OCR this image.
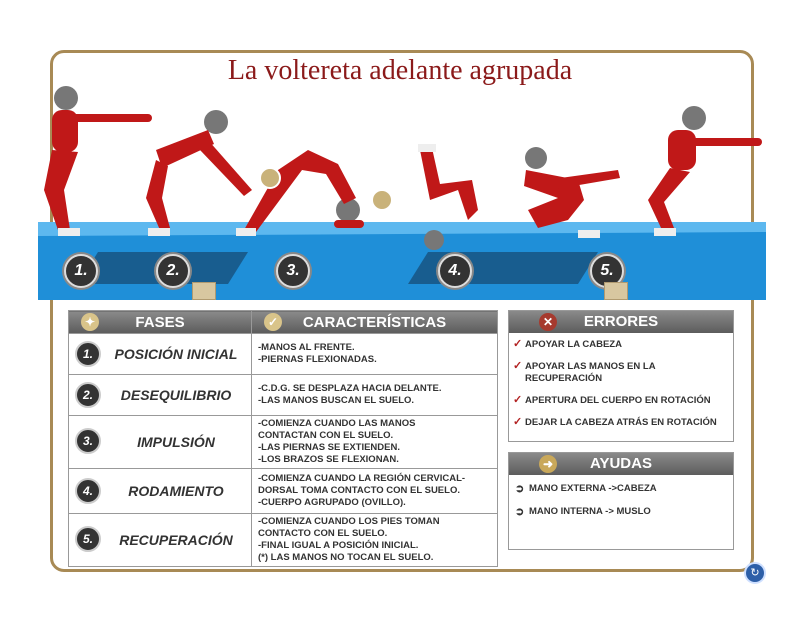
La voltereta adelante agrupada
1.	2.	3.	4.	5.
✦ FASES	✓ CARACTERÍSTICAS

1. POSICIÓN INICIAL	-MANOS AL FRENTE.
-PIERNAS FLEXIONADAS.

2. DESEQUILIBRIO	-C.D.G. SE DESPLAZA HACIA DELANTE.
-LAS MANOS BUSCAN EL SUELO.

3. IMPULSIÓN	-COMIENZA CUANDO LAS MANOS
CONTACTAN CON EL SUELO.
-LAS PIERNAS SE EXTIENDEN.
-LOS BRAZOS SE FLEXIONAN.

4. RODAMIENTO	-COMIENZA CUANDO LA REGIÓN CERVICAL-
DORSAL TOMA CONTACTO CON EL SUELO.
-CUERPO AGRUPADO (OVILLO).

5. RECUPERACIÓN	-COMIENZA CUANDO LOS PIES TOMAN
CONTACTO CON EL SUELO.
-FINAL IGUAL A POSICIÓN INICIAL.
(*) LAS MANOS NO TOCAN EL SUELO.
✕ ERRORES
✓ APOYAR LA CABEZA
✓ APOYAR LAS MANOS EN LA RECUPERACIÓN
✓ APERTURA DEL CUERPO EN ROTACIÓN
✓ DEJAR LA CABEZA ATRÁS EN ROTACIÓN
➜ AYUDAS
➲ MANO EXTERNA ->CABEZA
➲ MANO INTERNA -> MUSLO
↻
